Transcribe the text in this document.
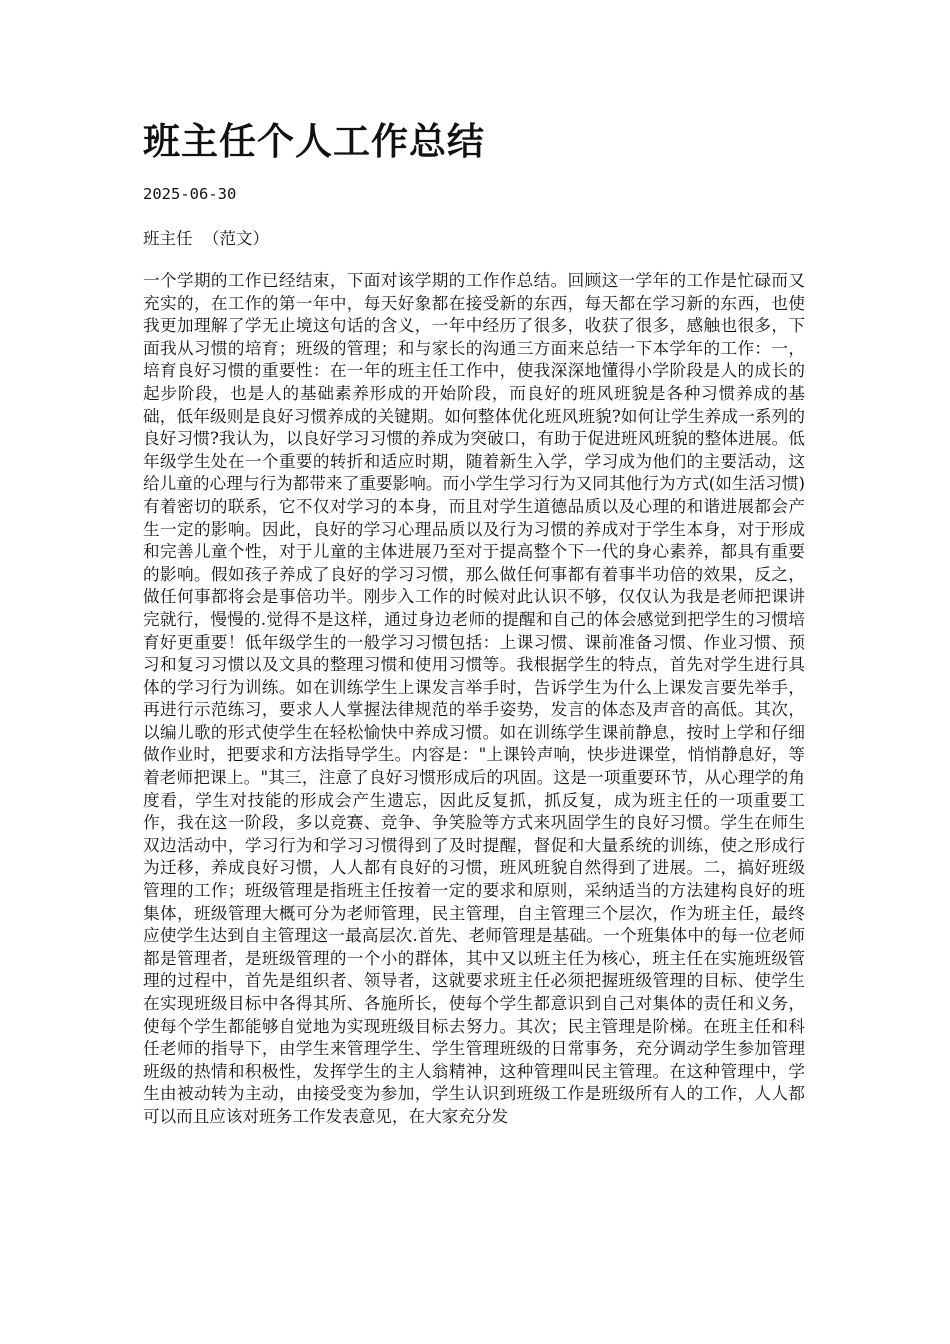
班主任个人工作总结
2025-06-30
班主任  （范文）

一个学期的工作已经结束，下面对该学期的工作作总结。回顾这一学年的工作是忙碌而又充实的，在工作的第一年中，每天好象都在接受新的东西，每天都在学习新的东西，也使我更加理解了学无止境这句话的含义，一年中经历了很多，收获了很多，感触也很多，下面我从习惯的培育；班级的管理；和与家长的沟通三方面来总结一下本学年的工作：一，培育良好习惯的重要性：在一年的班主任工作中，使我深深地懂得小学阶段是人的成长的起步阶段，也是人的基础素养形成的开始阶段，而良好的班风班貌是各种习惯养成的基础，低年级则是良好习惯养成的关键期。如何整体优化班风班貌?如何让学生养成一系列的良好习惯?我认为，以良好学习习惯的养成为突破口，有助于促进班风班貌的整体进展。低年级学生处在一个重要的转折和适应时期，随着新生入学，学习成为他们的主要活动，这给儿童的心理与行为都带来了重要影响。而小学生学习行为又同其他行为方式(如生活习惯)有着密切的联系，它不仅对学习的本身，而且对学生道德品质以及心理的和谐进展都会产生一定的影响。因此，良好的学习心理品质以及行为习惯的养成对于学生本身，对于形成和完善儿童个性，对于儿童的主体进展乃至对于提高整个下一代的身心素养，都具有重要的影响。假如孩子养成了良好的学习习惯，那么做任何事都有着事半功倍的效果，反之，做任何事都将会是事倍功半。刚步入工作的时候对此认识不够，仅仅认为我是老师把课讲完就行，慢慢的.觉得不是这样，通过身边老师的提醒和自己的体会感觉到把学生的习惯培育好更重要！低年级学生的一般学习习惯包括：上课习惯、课前准备习惯、作业习惯、预习和复习习惯以及文具的整理习惯和使用习惯等。我根据学生的特点，首先对学生进行具体的学习行为训练。如在训练学生上课发言举手时，告诉学生为什么上课发言要先举手，再进行示范练习，要求人人掌握法律规范的举手姿势，发言的体态及声音的高低。其次，以编儿歌的形式使学生在轻松愉快中养成习惯。如在训练学生课前静息，按时上学和仔细做作业时，把要求和方法指导学生。内容是："上课铃声响，快步进课堂，悄悄静息好，等着老师把课上。"其三，注意了良好习惯形成后的巩固。这是一项重要环节，从心理学的角度看，学生对技能的形成会产生遗忘，因此反复抓，抓反复，成为班主任的一项重要工作，我在这一阶段，多以竞赛、竞争、争笑脸等方式来巩固学生的良好习惯。学生在师生双边活动中，学习行为和学习习惯得到了及时提醒，督促和大量系统的训练，使之形成行为迁移，养成良好习惯，人人都有良好的习惯，班风班貌自然得到了进展。二，搞好班级管理的工作；班级管理是指班主任按着一定的要求和原则，采纳适当的方法建构良好的班集体，班级管理大概可分为老师管理，民主管理，自主管理三个层次，作为班主任，最终应使学生达到自主管理这一最高层次.首先、老师管理是基础。一个班集体中的每一位老师都是管理者，是班级管理的一个小的群体，其中又以班主任为核心，班主任在实施班级管理的过程中，首先是组织者、领导者，这就要求班主任必须把握班级管理的目标、使学生在实现班级目标中各得其所、各施所长，使每个学生都意识到自己对集体的责任和义务，使每个学生都能够自觉地为实现班级目标去努力。其次；民主管理是阶梯。在班主任和科任老师的指导下，由学生来管理学生、学生管理班级的日常事务，充分调动学生参加管理班级的热情和积极性，发挥学生的主人翁精神，这种管理叫民主管理。在这种管理中，学生由被动转为主动，由接受变为参加，学生认识到班级工作是班级所有人的工作，人人都可以而且应该对班务工作发表意见，在大家充分发
